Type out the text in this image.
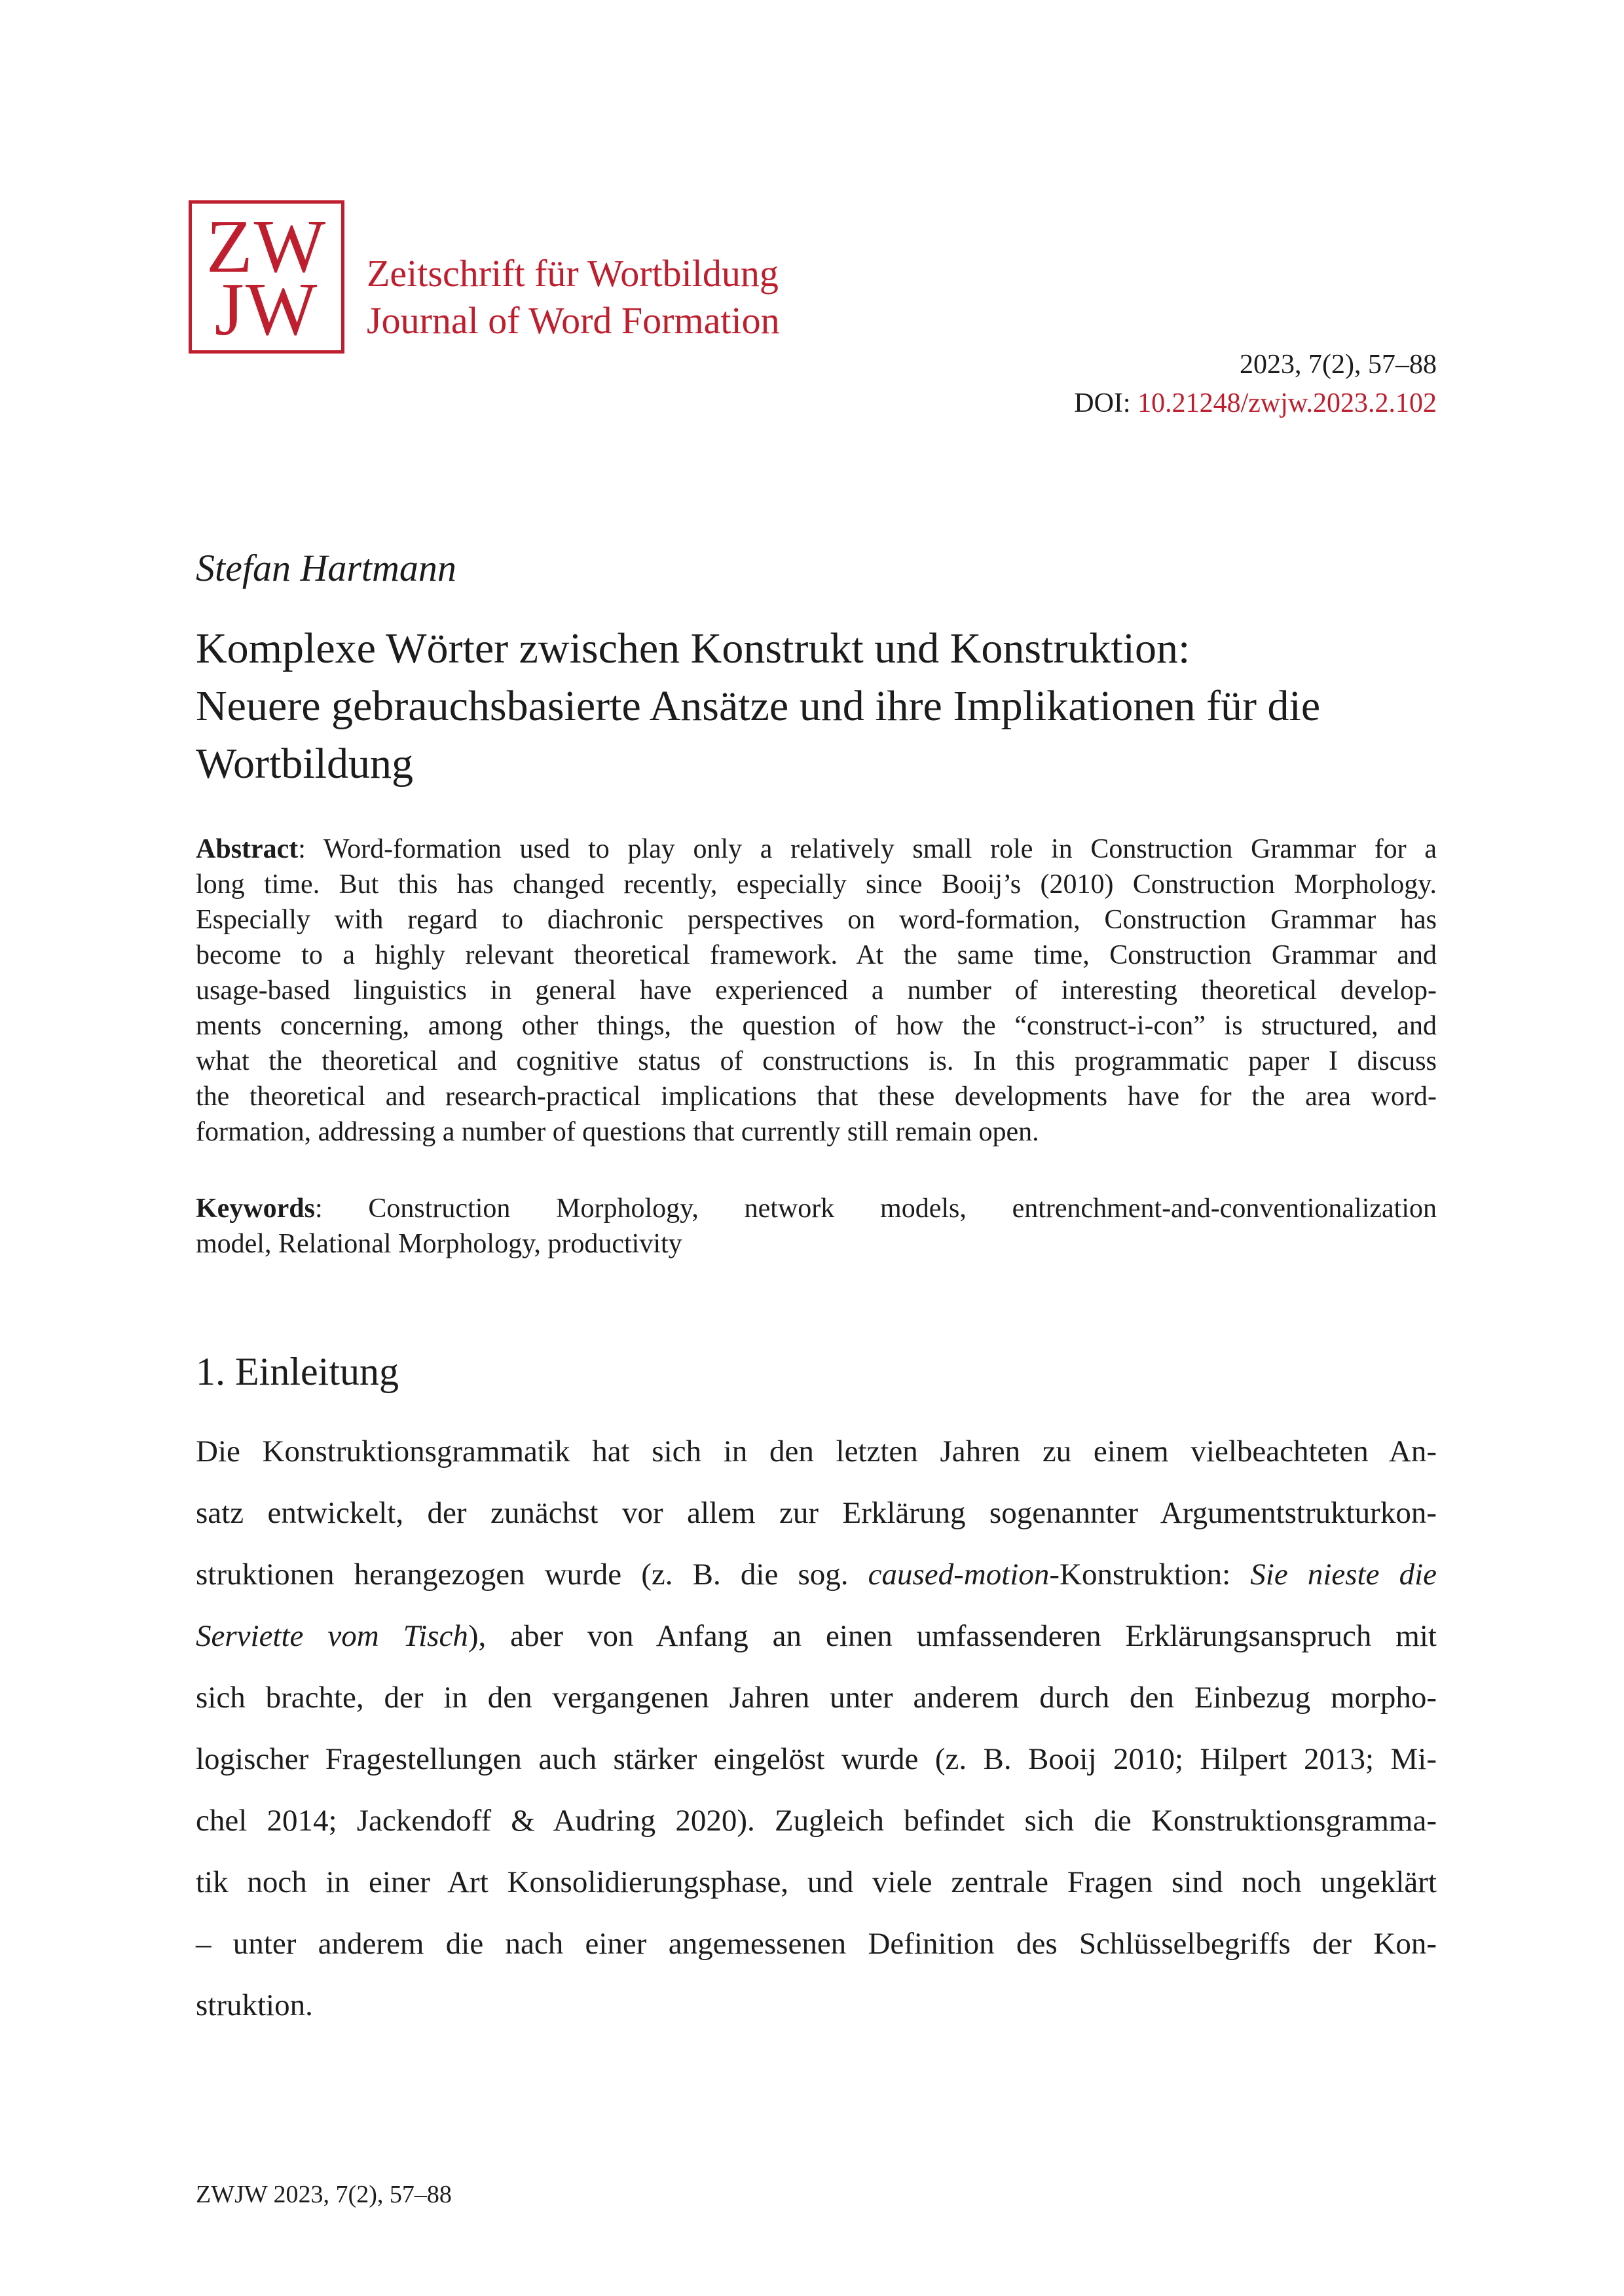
ZW
JW Zeitschrift für Wortbildung
Journal of Word Formation
2023, 7(2), 57–88
DOI: 10.21248/zwjw.2023.2.102
Stefan Hartmann
Komplexe Wörter zwischen Konstrukt und Konstruktion:
Neuere gebrauchsbasierte Ansätze und ihre Implikationen für die
Wortbildung
Abstract: Word-formation used to play only a relatively small role in Construction Grammar for a
long time. But this has changed recently, especially since Booij’s (2010) Construction Morphology.
Especially with regard to diachronic perspectives on word-formation, Construction Grammar has
become to a highly relevant theoretical framework. At the same time, Construction Grammar and
usage-based linguistics in general have experienced a number of interesting theoretical develop-
ments concerning, among other things, the question of how the “construct-i-con” is structured, and
what the theoretical and cognitive status of constructions is. In this programmatic paper I discuss
the theoretical and research-practical implications that these developments have for the area word-
formation, addressing a number of questions that currently still remain open.
Keywords: Construction Morphology, network models, entrenchment-and-conventionalization
model, Relational Morphology, productivity
1. Einleitung
Die Konstruktionsgrammatik hat sich in den letzten Jahren zu einem vielbeachteten An-
satz entwickelt, der zunächst vor allem zur Erklärung sogenannter Argumentstrukturkon-
struktionen herangezogen wurde (z. B. die sog. caused-motion-Konstruktion: Sie nieste die
Serviette vom Tisch), aber von Anfang an einen umfassenderen Erklärungsanspruch mit
sich brachte, der in den vergangenen Jahren unter anderem durch den Einbezug morpho-
logischer Fragestellungen auch stärker eingelöst wurde (z. B. Booij 2010; Hilpert 2013; Mi-
chel 2014; Jackendoff & Audring 2020). Zugleich befindet sich die Konstruktionsgramma-
tik noch in einer Art Konsolidierungsphase, und viele zentrale Fragen sind noch ungeklärt
– unter anderem die nach einer angemessenen Definition des Schlüsselbegriffs der Kon-
struktion.
ZWJW 2023, 7(2), 57–88
